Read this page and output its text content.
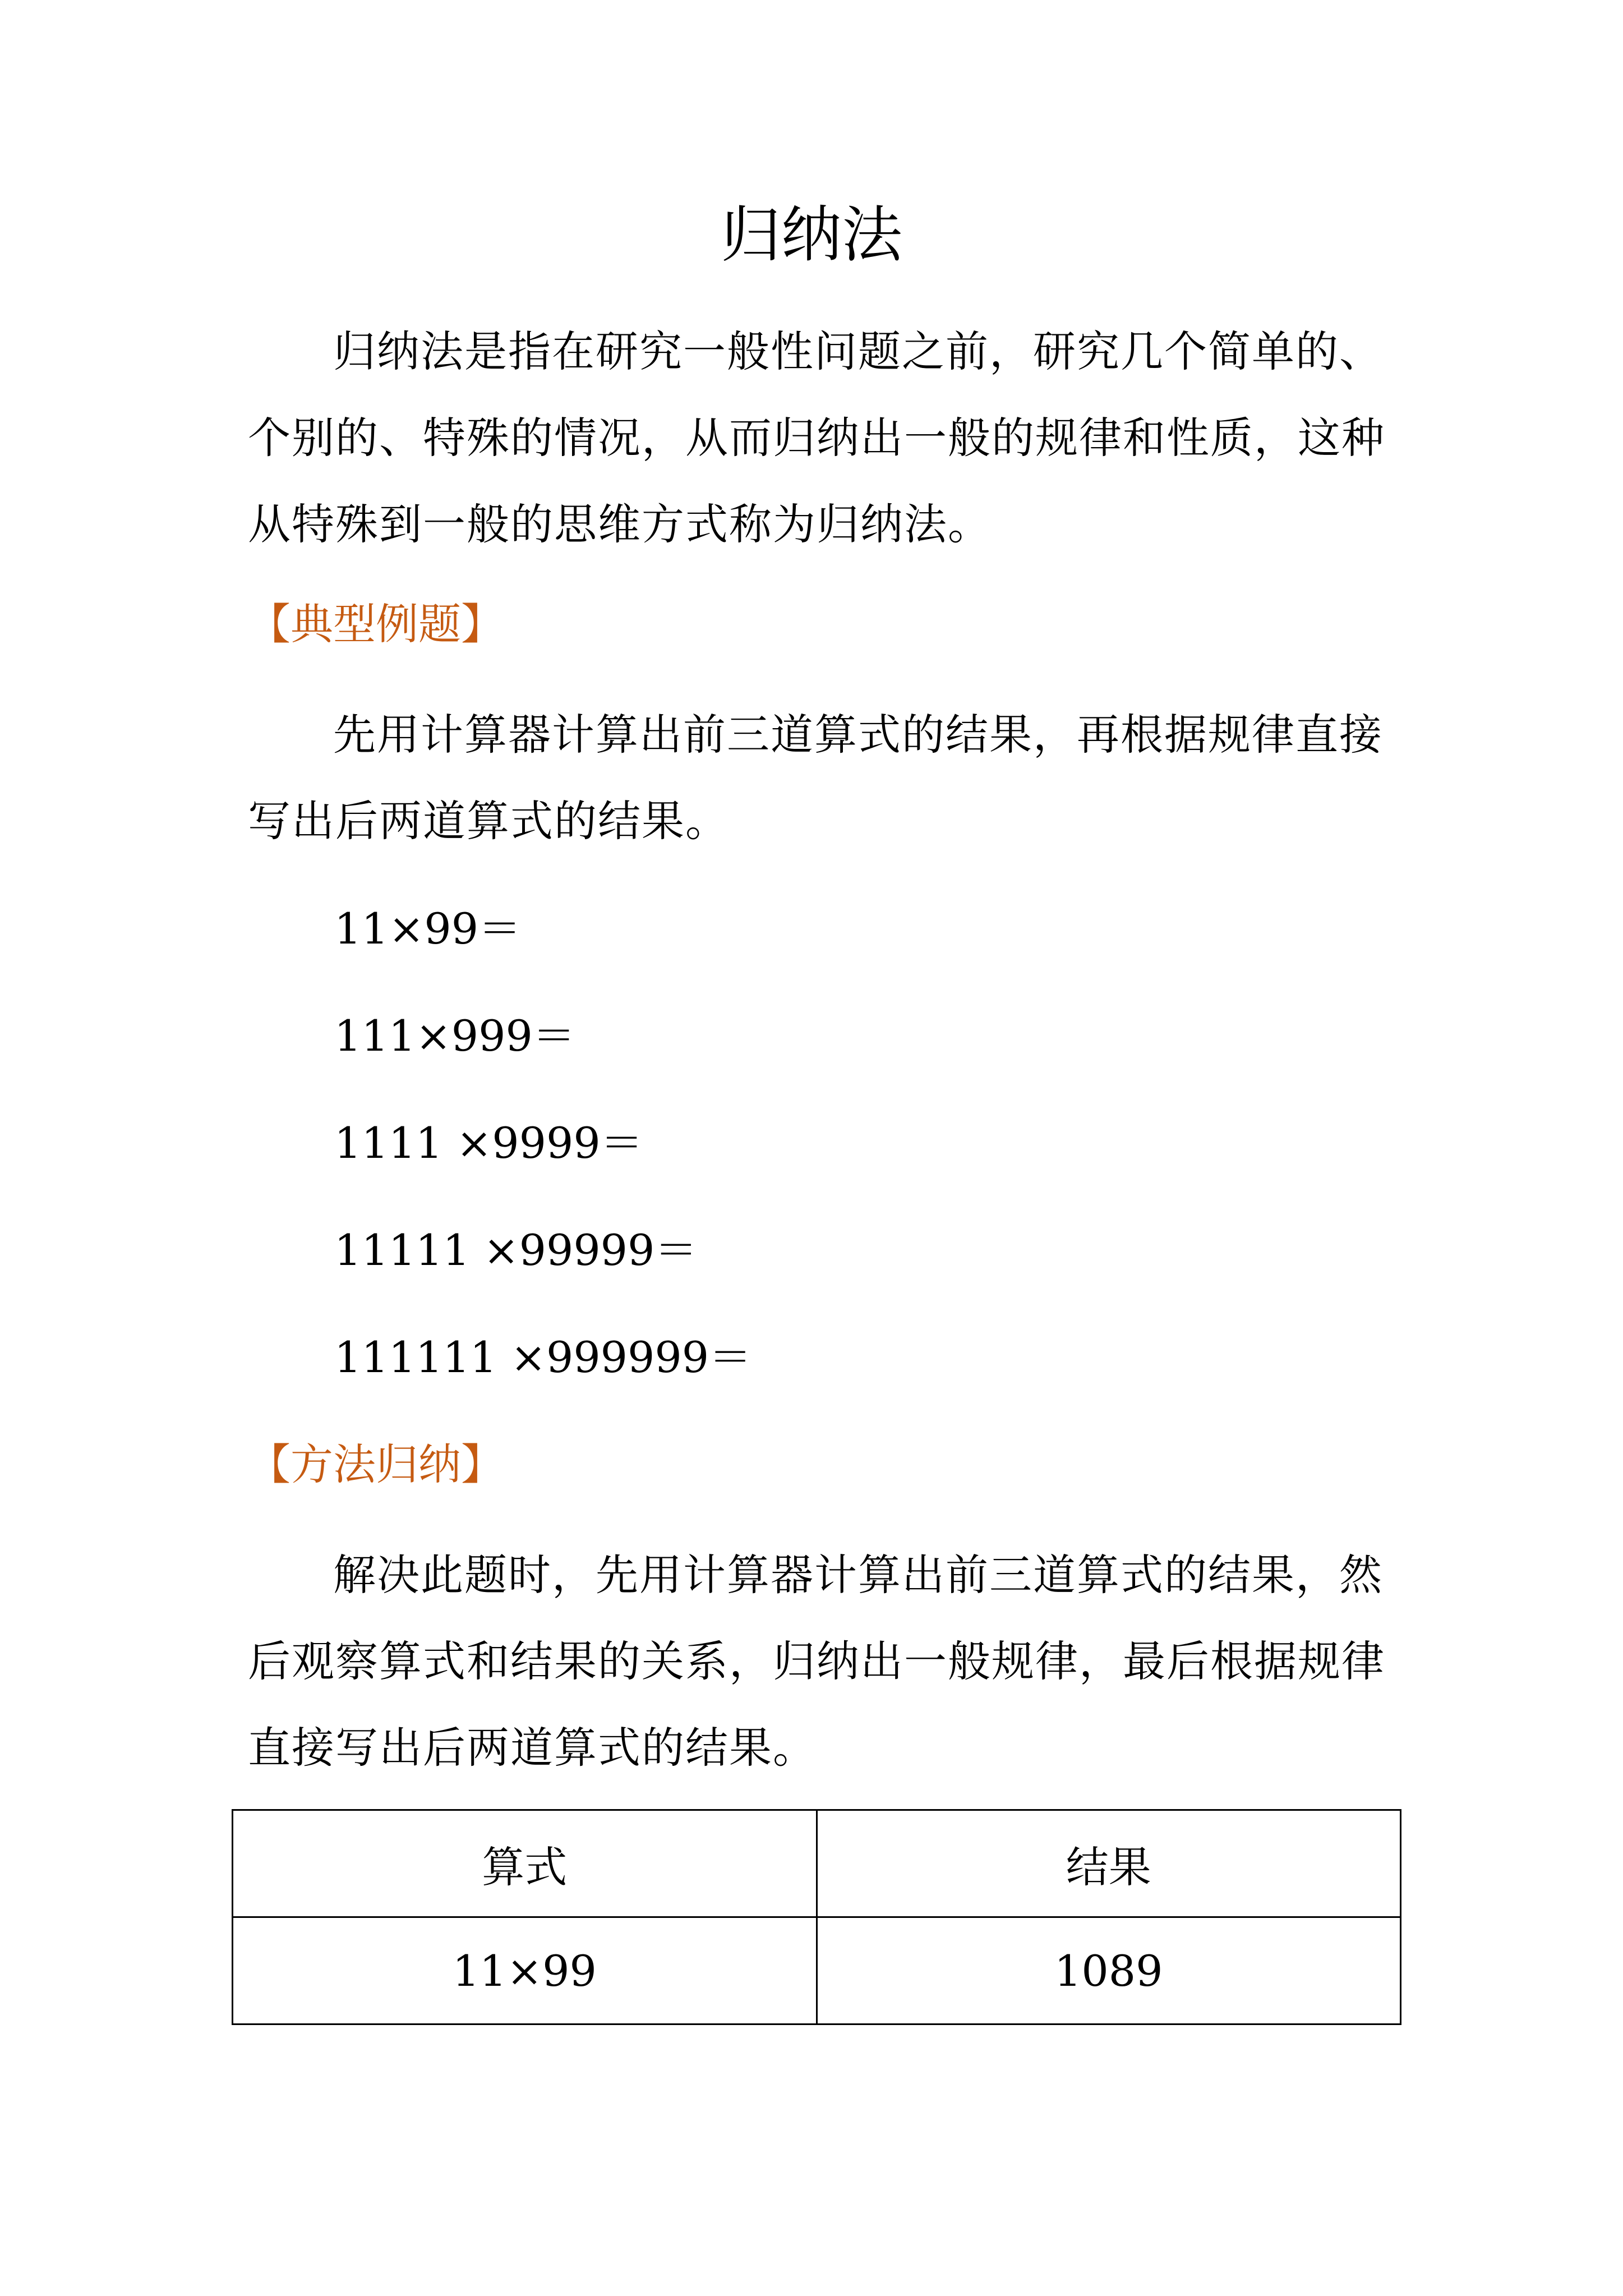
归纳法

归纳法是指在研究一般性问题之前，研究几个简单的、个别的、特殊的情况，从而归纳出一般的规律和性质，这种从特殊到一般的思维方式称为归纳法。

【典型例题】

先用计算器计算出前三道算式的结果，再根据规律直接写出后两道算式的结果。

11×99＝

111×999＝

1111 ×9999＝

11111 ×99999＝

111111 ×999999＝

【方法归纳】

解决此题时，先用计算器计算出前三道算式的结果，然后观察算式和结果的关系，归纳出一般规律，最后根据规律直接写出后两道算式的结果。

算式	结果
11×99	1089
